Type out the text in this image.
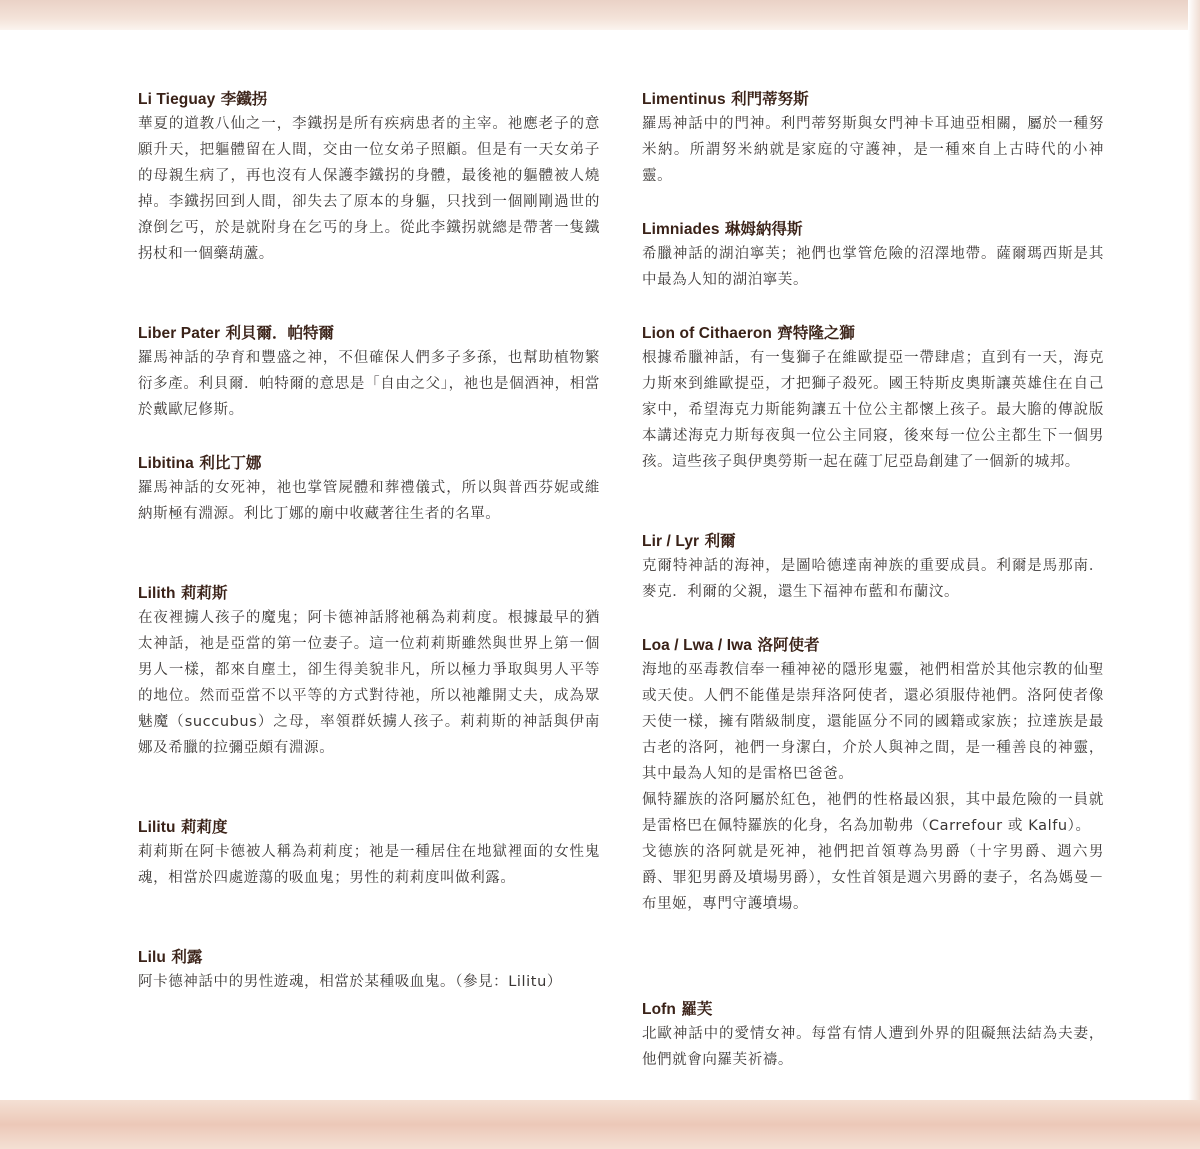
Li Tieguay 李鐵拐
華夏的道教八仙之一，李鐵拐是所有疾病患者的主宰。祂應老子的意願升天，把軀體留在人間，交由一位女弟子照顧。但是有一天女弟子的母親生病了，再也沒有人保護李鐵拐的身體，最後祂的軀體被人燒掉。李鐵拐回到人間，卻失去了原本的身軀，只找到一個剛剛過世的潦倒乞丐，於是就附身在乞丐的身上。從此李鐵拐就總是帶著一隻鐵拐杖和一個藥葫蘆。
Liber Pater 利貝爾．帕特爾
羅馬神話的孕育和豐盛之神，不但確保人們多子多孫，也幫助植物繁衍多產。利貝爾．帕特爾的意思是「自由之父」，祂也是個酒神，相當於戴歐尼修斯。
Libitina 利比丁娜
羅馬神話的女死神，祂也掌管屍體和葬禮儀式，所以與普西芬妮或維納斯極有淵源。利比丁娜的廟中收藏著往生者的名單。
Lilith 莉莉斯
在夜裡擄人孩子的魔鬼；阿卡德神話將祂稱為莉莉度。根據最早的猶太神話，祂是亞當的第一位妻子。這一位莉莉斯雖然與世界上第一個男人一樣，都來自塵土，卻生得美貌非凡，所以極力爭取與男人平等的地位。然而亞當不以平等的方式對待祂，所以祂離開丈夫，成為眾魅魔（succubus）之母，率領群妖擄人孩子。莉莉斯的神話與伊南娜及希臘的拉彌亞頗有淵源。
Lilitu 莉莉度
莉莉斯在阿卡德被人稱為莉莉度；祂是一種居住在地獄裡面的女性鬼魂，相當於四處遊蕩的吸血鬼；男性的莉莉度叫做利露。
Lilu 利露
阿卡德神話中的男性遊魂，相當於某種吸血鬼。（參見：Lilitu）
Limentinus 利門蒂努斯
羅馬神話中的門神。利門蒂努斯與女門神卡耳迪亞相關，屬於一種努米納。所謂努米納就是家庭的守護神，是一種來自上古時代的小神靈。
Limniades 琳姆納得斯
希臘神話的湖泊寧芙；祂們也掌管危險的沼澤地帶。薩爾瑪西斯是其中最為人知的湖泊寧芙。
Lion of Cithaeron 齊特隆之獅
根據希臘神話，有一隻獅子在維歐提亞一帶肆虐；直到有一天，海克力斯來到維歐提亞，才把獅子殺死。國王特斯皮奧斯讓英雄住在自己家中，希望海克力斯能夠讓五十位公主都懷上孩子。最大膽的傳說版本講述海克力斯每夜與一位公主同寢，後來每一位公主都生下一個男孩。這些孩子與伊奧勞斯一起在薩丁尼亞島創建了一個新的城邦。
Lir / Lyr 利爾
克爾特神話的海神，是圖哈德達南神族的重要成員。利爾是馬那南．麥克．利爾的父親，還生下福神布藍和布蘭汶。
Loa / Lwa / Iwa 洛阿使者

海地的巫毒教信奉一種神祕的隱形鬼靈，祂們相當於其他宗教的仙聖或天使。人們不能僅是崇拜洛阿使者，還必須服侍祂們。洛阿使者像天使一樣，擁有階級制度，還能區分不同的國籍或家族；拉達族是最古老的洛阿，祂們一身潔白，介於人與神之間，是一種善良的神靈，其中最為人知的是雷格巴爸爸。

佩特羅族的洛阿屬於紅色，祂們的性格最凶狠，其中最危險的一員就是雷格巴在佩特羅族的化身，名為加勒弗（Carrefour 或 Kalfu）。

戈德族的洛阿就是死神，祂們把首領尊為男爵（十字男爵、週六男爵、罪犯男爵及墳場男爵），女性首領是週六男爵的妻子，名為媽曼－布里姬，專門守護墳場。

Lofn 羅芙
北歐神話中的愛情女神。每當有情人遭到外界的阻礙無法結為夫妻，他們就會向羅芙祈禱。
